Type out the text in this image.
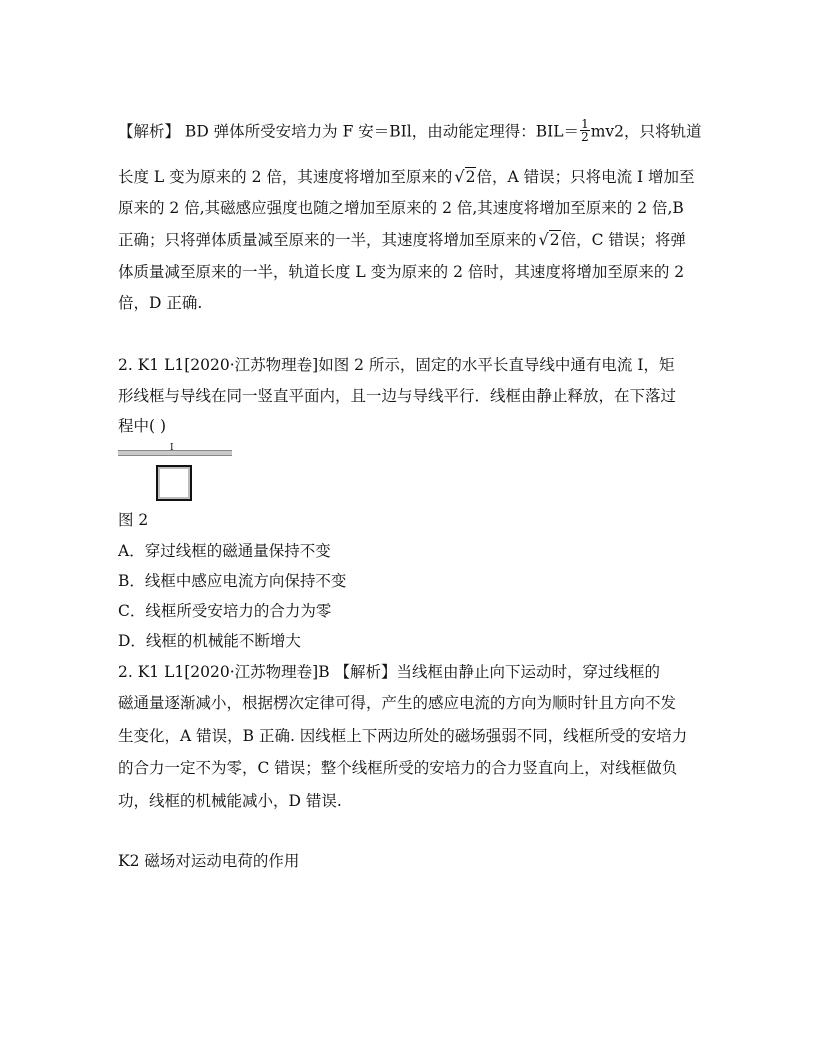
【解析】 BD 弹体所受安培力为 F 安＝BIl，由动能定理得：$BIL= \frac{1}{2} mv2$，只将轨道
长度 L 变为原来的 2 倍，其速度将增加至原来的 √2倍，A 错误；只将电流 I 增加至
原来的 2 倍,其磁感应强度也随之增加至原来的 2 倍,其速度将增加至原来的 2 倍,B
正确；只将弹体质量减至原来的一半，其速度将增加至原来的 √2倍，C 错误；将弹
体质量减至原来的一半，轨道长度 L 变为原来的 2 倍时，其速度将增加至原来的 2
倍，D 正确.
2. K1 L1[2020·江苏物理卷]如图 2 所示，固定的水平长直导线中通有电流 I，矩
形线框与导线在同一竖直平面内，且一边与导线平行．线框由静止释放，在下落过
程中( )
I
图 2
A．穿过线框的磁通量保持不变
B．线框中感应电流方向保持不变
C．线框所受安培力的合力为零
D．线框的机械能不断增大
2. K1 L1[2020·江苏物理卷]B 【解析】当线框由静止向下运动时，穿过线框的
磁通量逐渐减小，根据楞次定律可得，产生的感应电流的方向为顺时针且方向不发
生变化，A 错误，B 正确. 因线框上下两边所处的磁场强弱不同，线框所受的安培力
的合力一定不为零，C 错误；整个线框所受的安培力的合力竖直向上，对线框做负
功，线框的机械能减小，D 错误.
K2 磁场对运动电荷的作用
